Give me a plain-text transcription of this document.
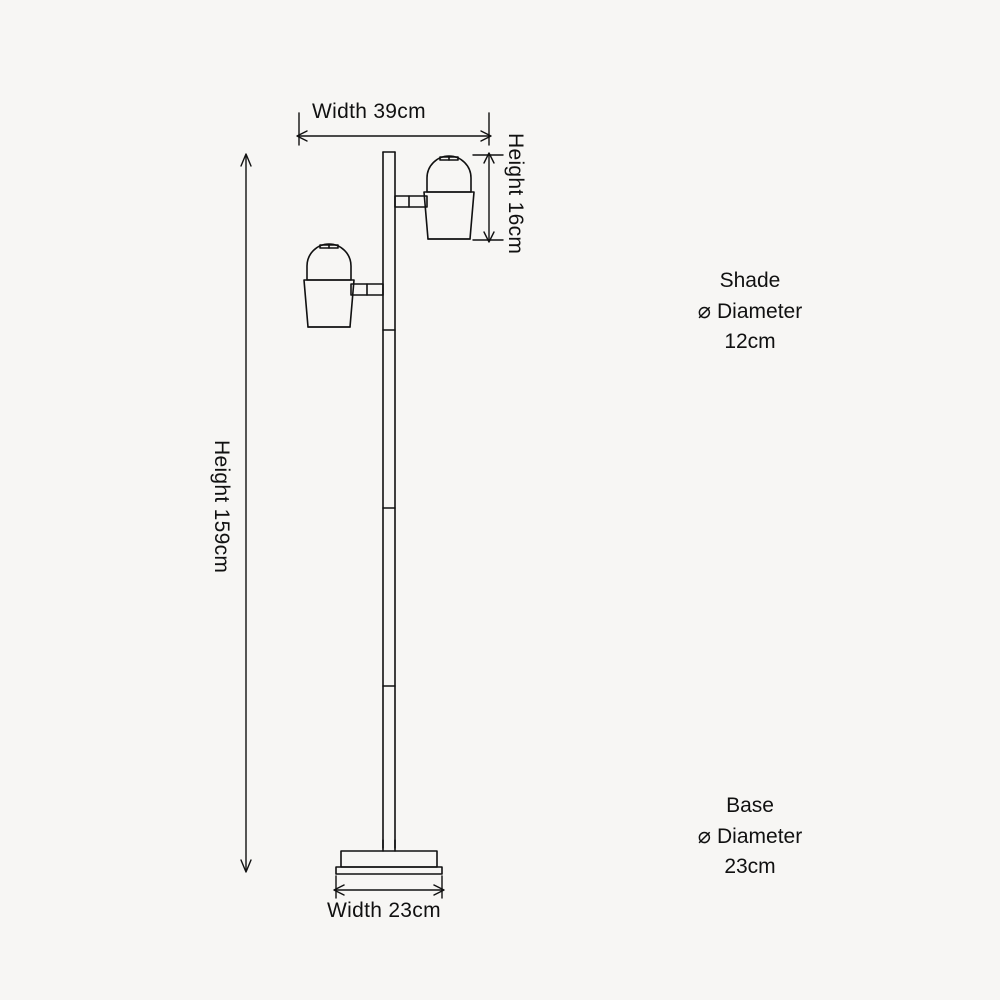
Width 39cm
Height 16cm
Height 159cm
Width 23cm
Shade
⌀ Diameter
12cm
Base
⌀ Diameter
23cm
